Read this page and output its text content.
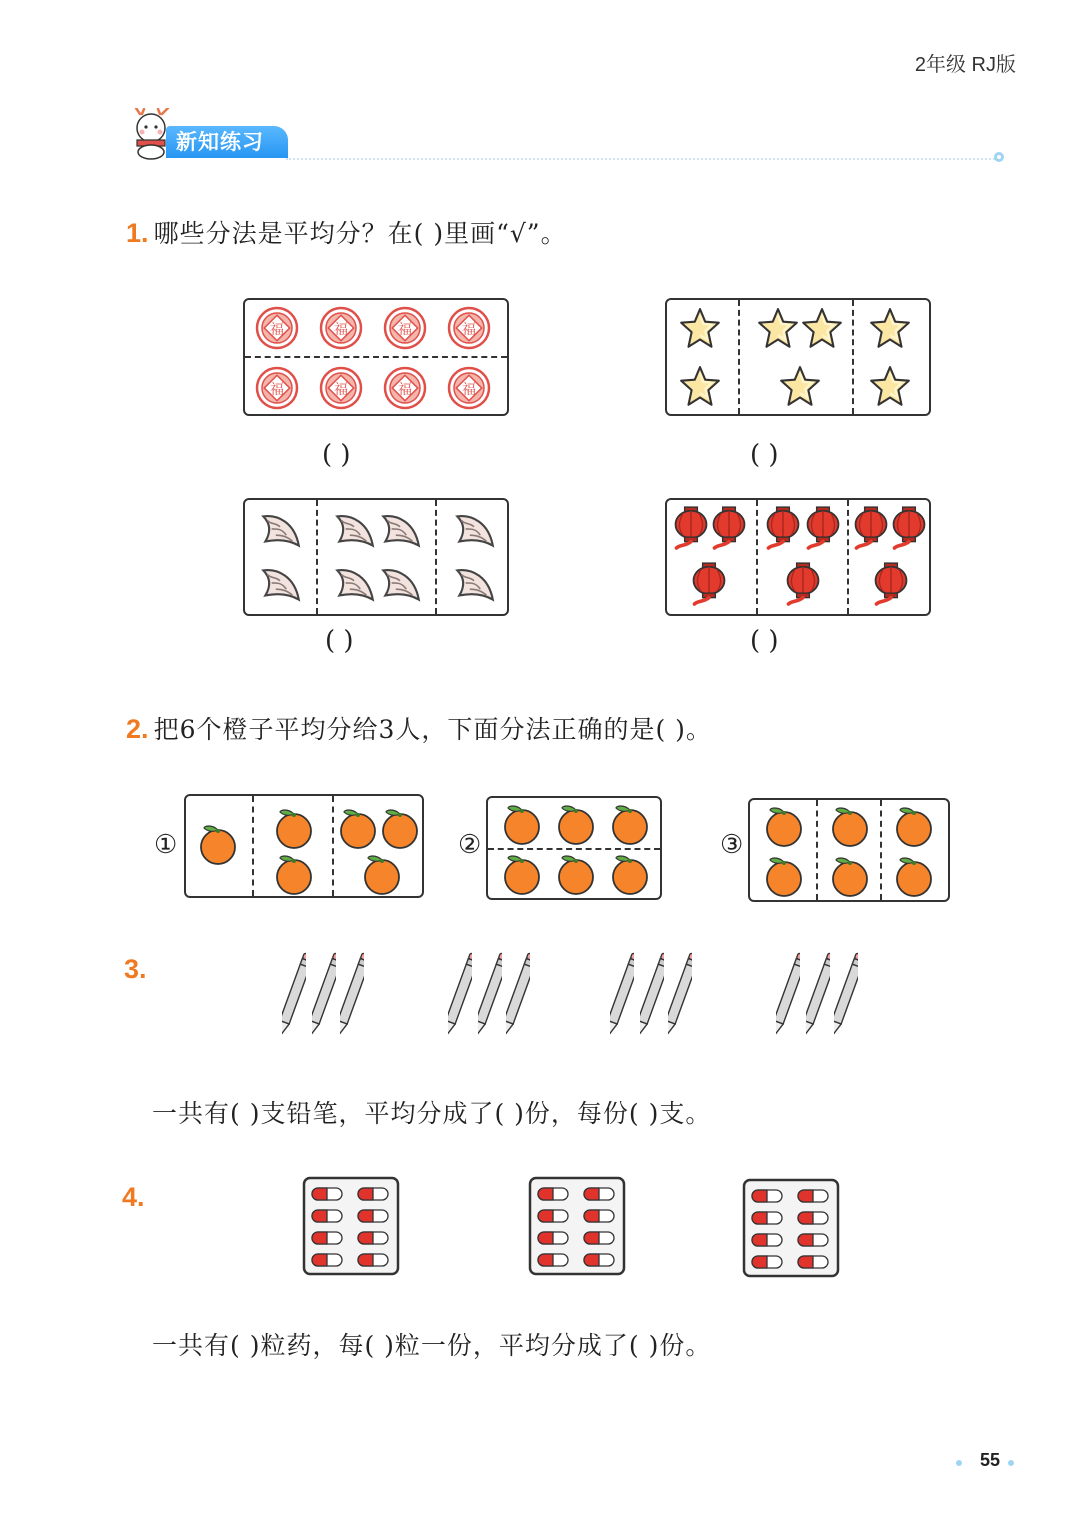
2年级 RJ版
新知练习
1. 哪些分法是平均分？在( )里画“√”。
( )	( )
( )	( )
2. 把6个橙子平均分给3人，下面分法正确的是( )。
①	②	③
3.
一共有( )支铅笔，平均分成了( )份，每份( )支。
4.
一共有( )粒药，每( )粒一份，平均分成了( )份。
55
